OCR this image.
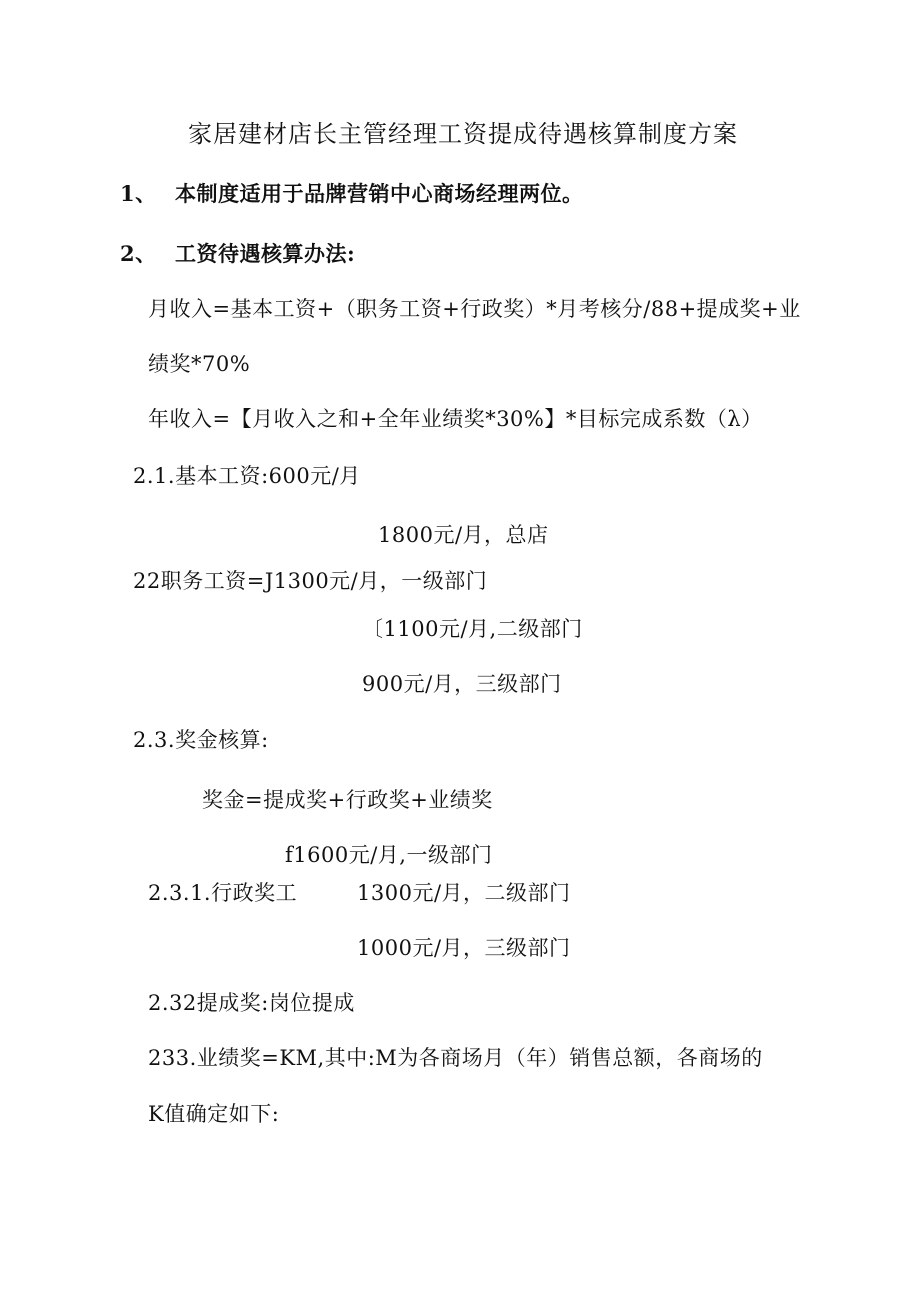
家居建材店长主管经理工资提成待遇核算制度方案
1、 本制度适用于品牌营销中心商场经理两位。
2、 工资待遇核算办法:
月收入=基本工资+（职务工资+行政奖）*月考核分/88+提成奖+业
绩奖*70%
年收入=【月收入之和+全年业绩奖*30%】*目标完成系数（λ）
2.1.基本工资:600元/月
1800元/月，总店
22职务工资=J1300元/月，一级部门
〔1100元/月,二级部门
900元/月，三级部门
2.3.奖金核算:
奖金=提成奖+行政奖+业绩奖
f1600元/月,一级部门
2.3.1.行政奖工	1300元/月，二级部门
1000元/月，三级部门
2.32提成奖:岗位提成
233.业绩奖=KM,其中:M为各商场月（年）销售总额，各商场的
K值确定如下:
